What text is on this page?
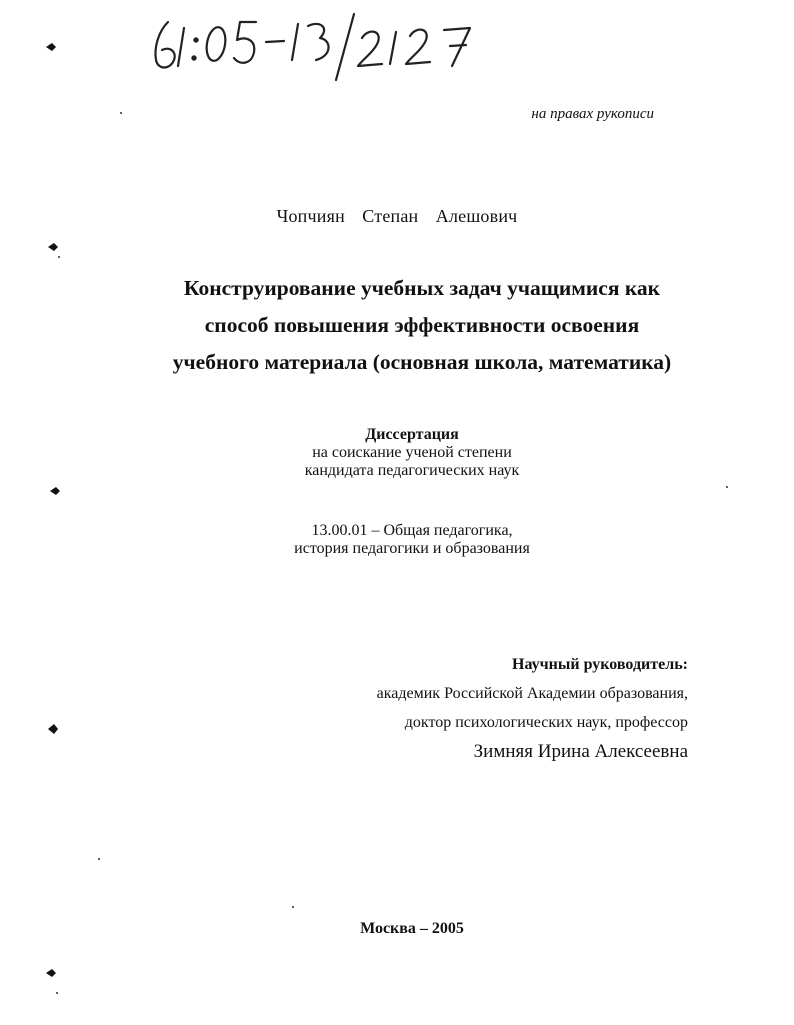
на правах рукописи
Чопчиян  Степан  Алешович
Конструирование учебных задач учащимися как
способ повышения эффективности освоения
учебного материала (основная школа, математика)
Диссертация
на соискание ученой степени
кандидата педагогических наук
13.00.01 – Общая педагогика,
история педагогики и образования
Научный руководитель:
академик Российской Академии образования,
доктор психологических наук, профессор
Зимняя Ирина Алексеевна
Москва – 2005
